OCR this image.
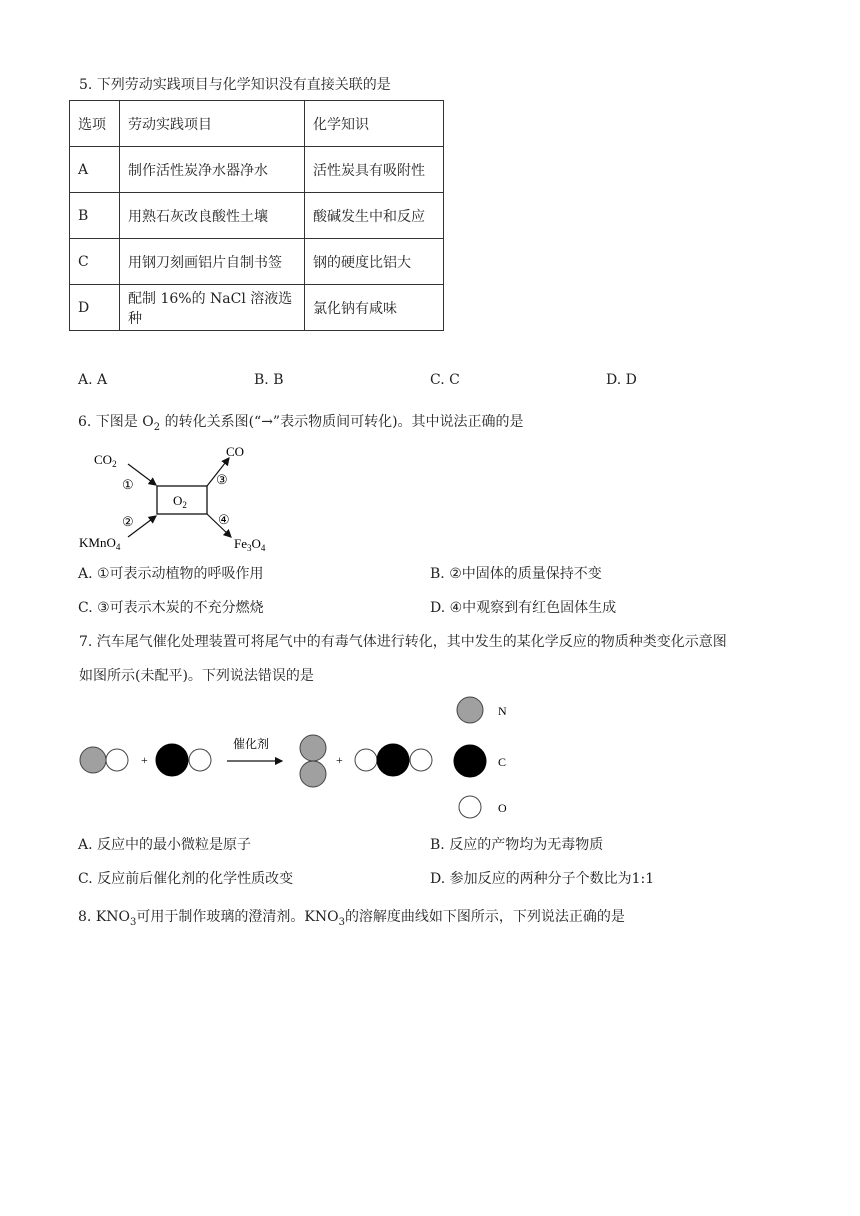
5. 下列劳动实践项目与化学知识没有直接关联的是
选项	劳动实践项目	化学知识
A	制作活性炭净水器净水	活性炭具有吸附性
B	用熟石灰改良酸性土壤	酸碱发生中和反应
C	用钢刀刻画铝片自制书签	钢的硬度比铝大
D	配制 16%的 NaCl 溶液选种	氯化钠有咸味
A. A	B. B	C. C	D. D
6. 下图是 $O_2$ 的转化关系图(“→”表示物质间可转化)。其中说法正确的是
$O_2$
$CO_2$
①
KMnO$_4$
②
CO
③
$Fe_3O_4$
④
A. ①可表示动植物的呼吸作用	B. ②中固体的质量保持不变
C. ③可表示木炭的不充分燃烧	D. ④中观察到有红色固体生成
7. 汽车尾气催化处理装置可将尾气中的有毒气体进行转化，其中发生的某化学反应的物质种类变化示意图
如图所示(未配平)。下列说法错误的是
+
催化剂
+
N
C
O
A. 反应中的最小微粒是原子	B. 反应的产物均为无毒物质
C. 反应前后催化剂的化学性质改变	D. 参加反应的两种分子个数比为1:1
8. $KNO_3$可用于制作玻璃的澄清剂。$KNO_3$的溶解度曲线如下图所示，下列说法正确的是
